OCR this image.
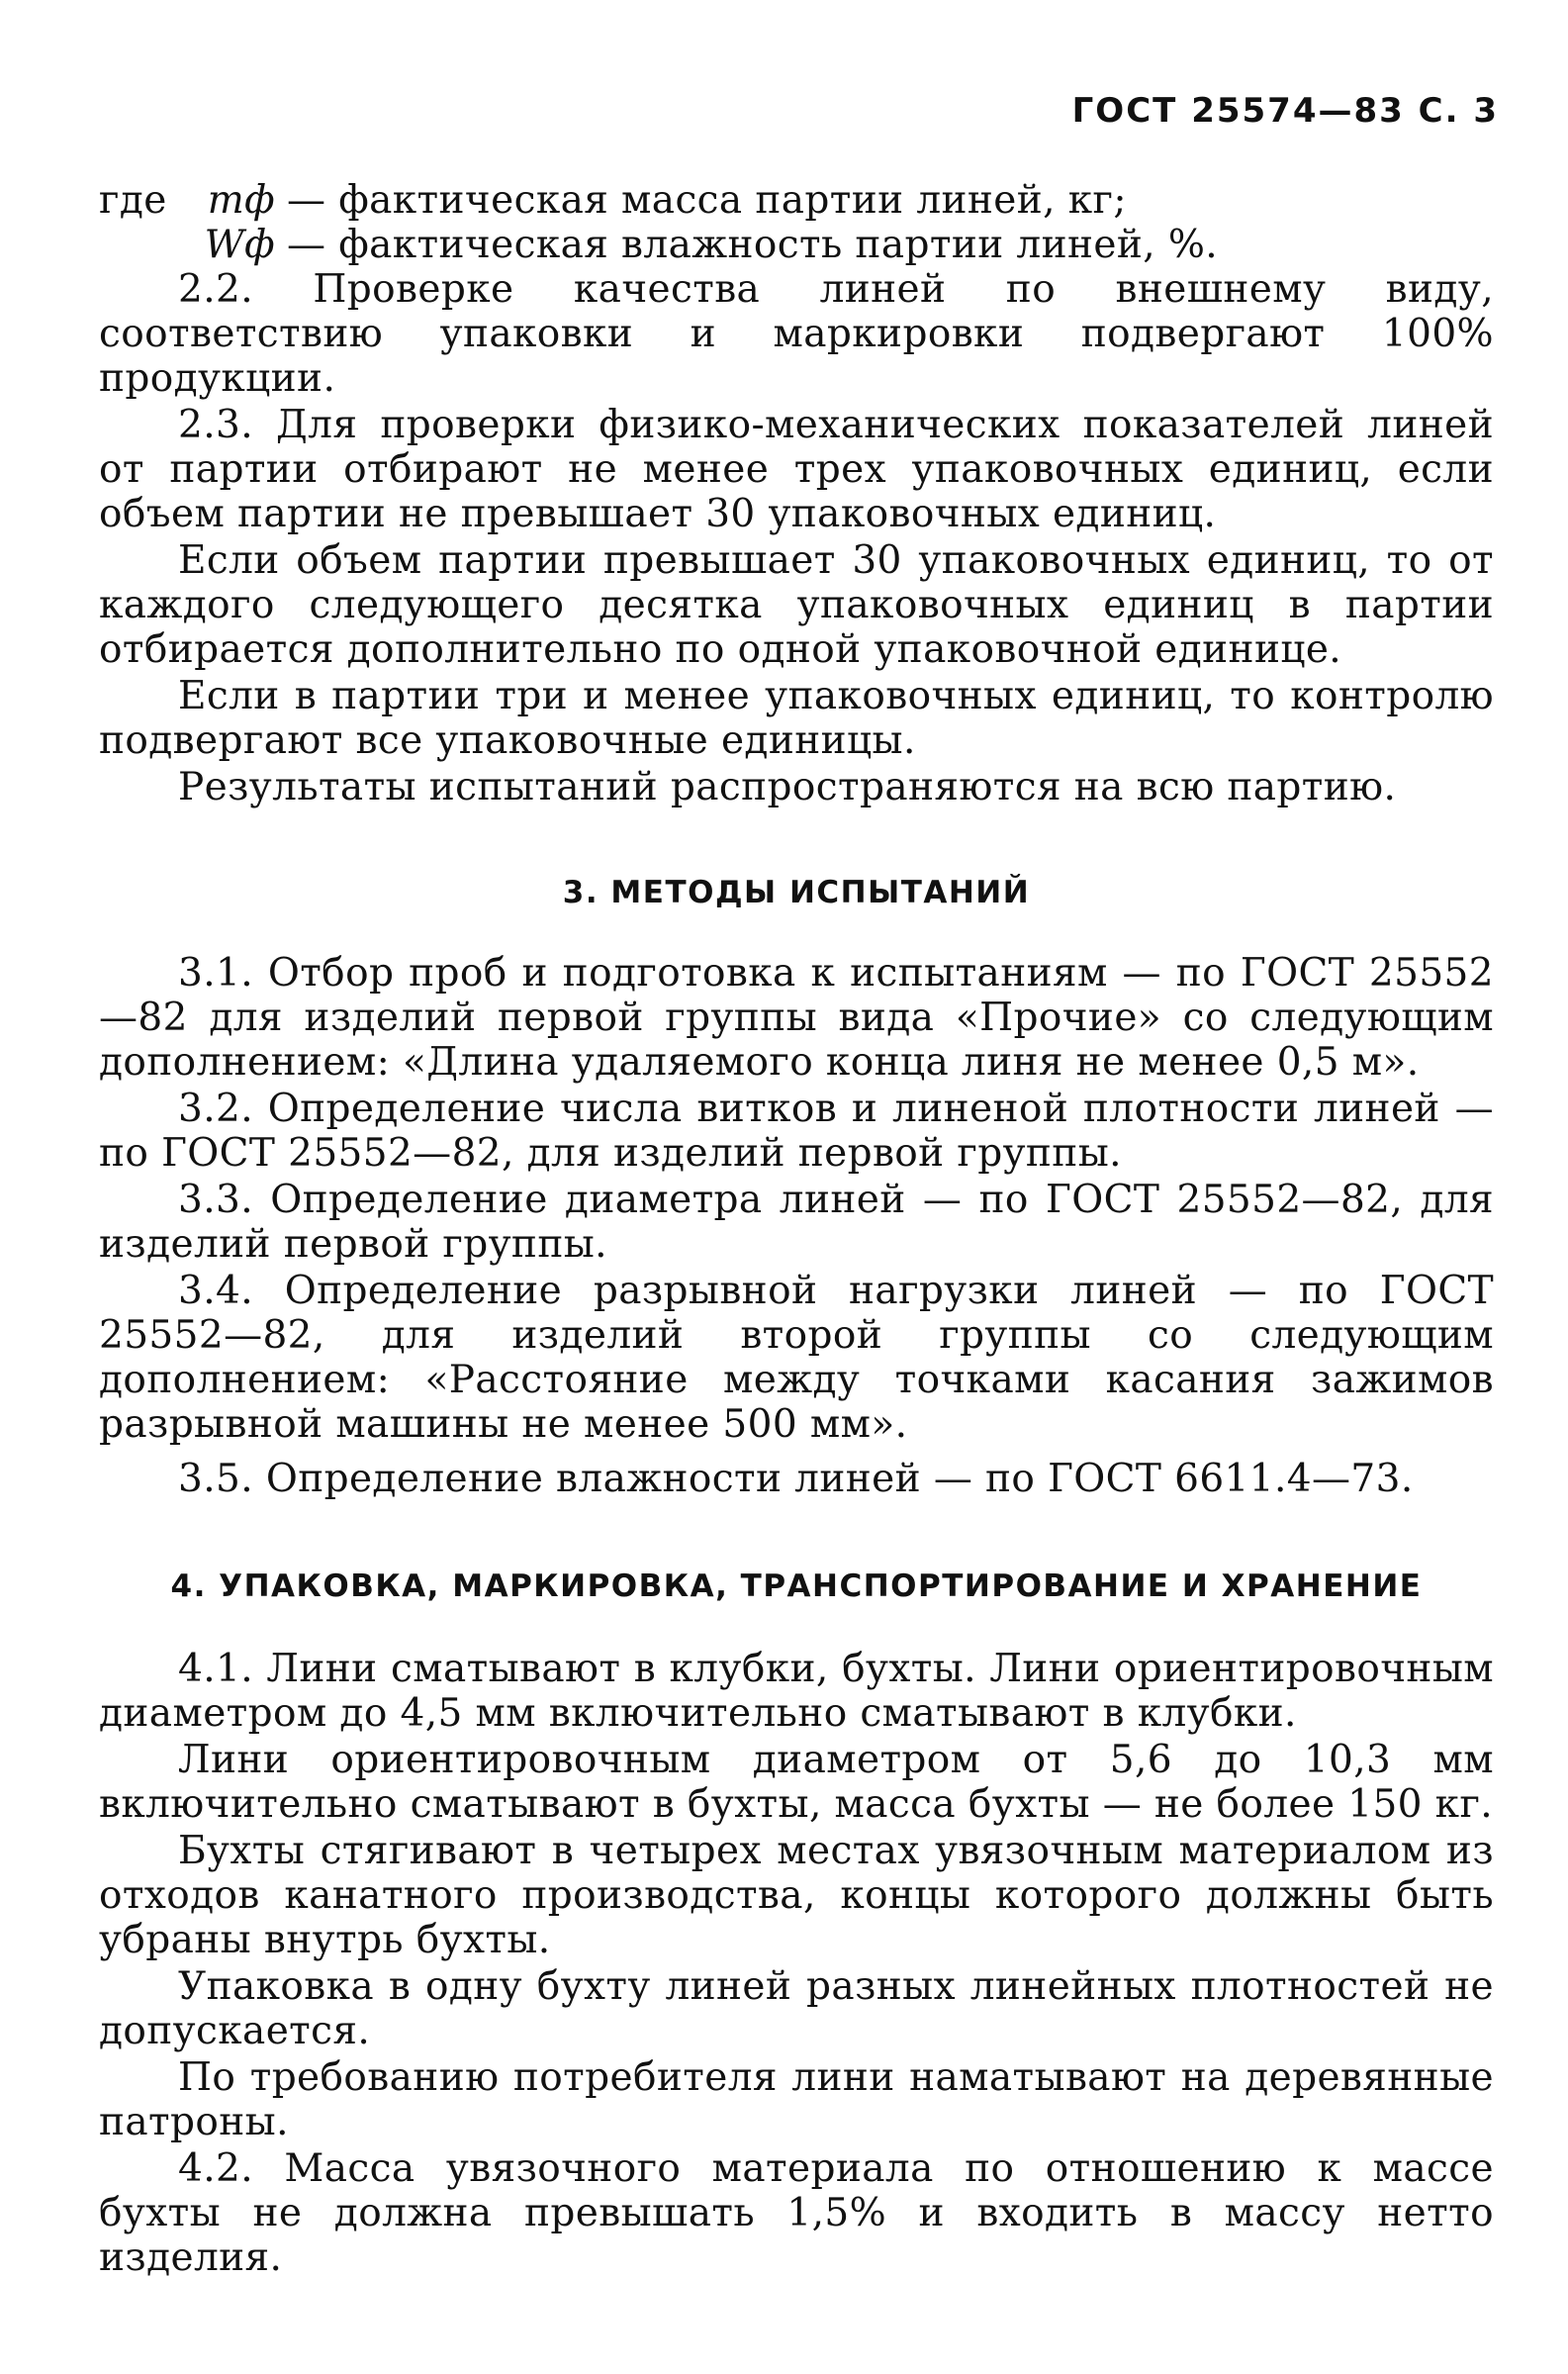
ГОСТ 25574—83 С. 3
где	mф — фактическая масса партии линей, кг;
Wф — фактическая влажность партии линей, %.

2.2. Проверке качества линей по внешнему виду, соответствию упаковки и маркировки подвергают 100% продукции.

2.3. Для проверки физико-механических показателей линей от партии отбирают не менее трех упаковочных единиц, если объем партии не превышает 30 упаковочных единиц.

Если объем партии превышает 30 упаковочных единиц, то от каждого следующего десятка упаковочных единиц в партии отбирается дополнительно по одной упаковочной единице.

Если в партии три и менее упаковочных единиц, то контролю подвергают все упаковочные единицы.

Результаты испытаний распространяются на всю партию.

3. МЕТОДЫ ИСПЫТАНИЙ

3.1. Отбор проб и подготовка к испытаниям — по ГОСТ 25552—82 для изделий первой группы вида «Прочие» со следующим дополнением: «Длина удаляемого конца линя не менее 0,5 м».

3.2. Определение числа витков и линеной плотности линей — по ГОСТ 25552—82, для изделий первой группы.

3.3. Определение диаметра линей — по ГОСТ 25552—82, для изделий первой группы.

3.4. Определение разрывной нагрузки линей — по ГОСТ 25552—82, для изделий второй группы со следующим дополнением: «Расстояние между точками касания зажимов разрывной машины не менее 500 мм».

3.5. Определение влажности линей — по ГОСТ 6611.4—73.

4. УПАКОВКА, МАРКИРОВКА, ТРАНСПОРТИРОВАНИЕ И ХРАНЕНИЕ

4.1. Лини сматывают в клубки, бухты. Лини ориентировочным диаметром до 4,5 мм включительно сматывают в клубки.

Лини ориентировочным диаметром от 5,6 до 10,3 мм включительно сматывают в бухты, масса бухты — не более 150 кг.

Бухты стягивают в четырех местах увязочным материалом из отходов канатного производства, концы которого должны быть убраны внутрь бухты.

Упаковка в одну бухту линей разных линейных плотностей не допускается.

По требованию потребителя лини наматывают на деревянные патроны.

4.2. Масса увязочного материала по отношению к массе бухты не должна превышать 1,5% и входить в массу нетто изделия.
